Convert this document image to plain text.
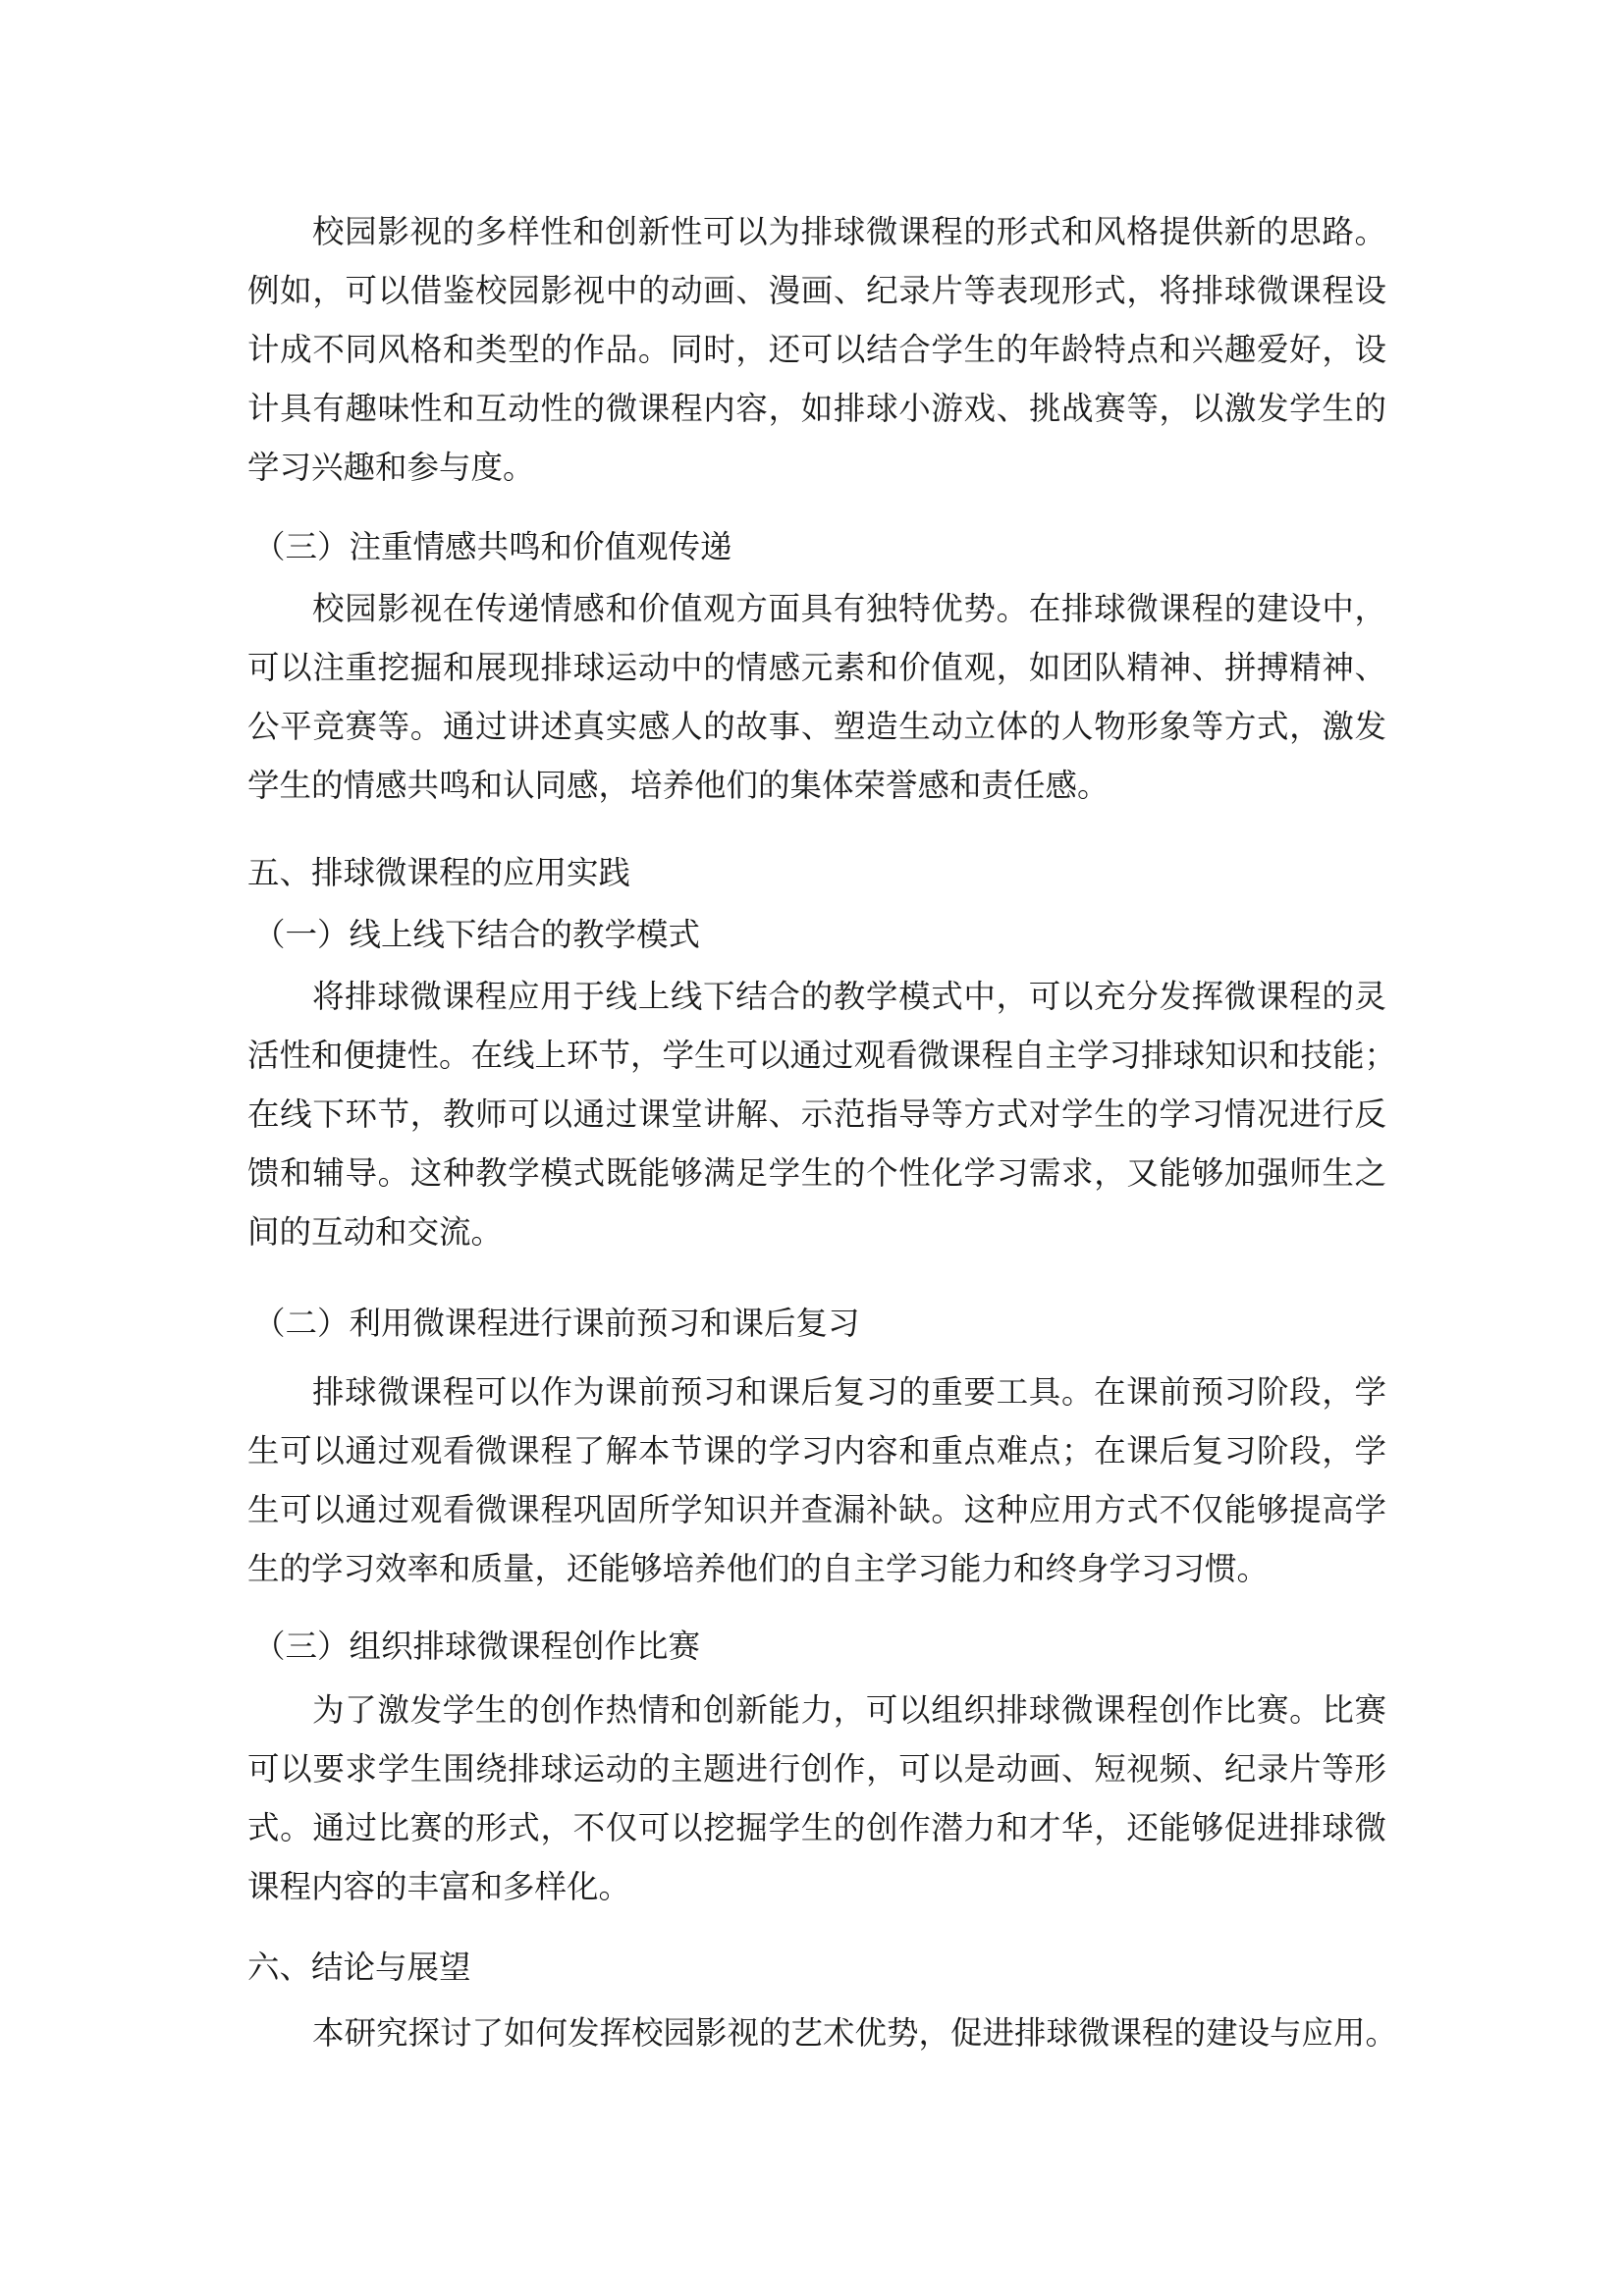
校园影视的多样性和创新性可以为排球微课程的形式和风格提供新的思路。

例如，可以借鉴校园影视中的动画、漫画、纪录片等表现形式，将排球微课程设

计成不同风格和类型的作品。同时，还可以结合学生的年龄特点和兴趣爱好，设

计具有趣味性和互动性的微课程内容，如排球小游戏、挑战赛等，以激发学生的

学习兴趣和参与度。

（三）注重情感共鸣和价值观传递

校园影视在传递情感和价值观方面具有独特优势。在排球微课程的建设中，

可以注重挖掘和展现排球运动中的情感元素和价值观，如团队精神、拼搏精神、

公平竞赛等。通过讲述真实感人的故事、塑造生动立体的人物形象等方式，激发

学生的情感共鸣和认同感，培养他们的集体荣誉感和责任感。

五、排球微课程的应用实践

（一）线上线下结合的教学模式

将排球微课程应用于线上线下结合的教学模式中，可以充分发挥微课程的灵

活性和便捷性。在线上环节，学生可以通过观看微课程自主学习排球知识和技能；

在线下环节，教师可以通过课堂讲解、示范指导等方式对学生的学习情况进行反

馈和辅导。这种教学模式既能够满足学生的个性化学习需求，又能够加强师生之

间的互动和交流。

（二）利用微课程进行课前预习和课后复习

排球微课程可以作为课前预习和课后复习的重要工具。在课前预习阶段，学

生可以通过观看微课程了解本节课的学习内容和重点难点；在课后复习阶段，学

生可以通过观看微课程巩固所学知识并查漏补缺。这种应用方式不仅能够提高学

生的学习效率和质量，还能够培养他们的自主学习能力和终身学习习惯。

（三）组织排球微课程创作比赛

为了激发学生的创作热情和创新能力，可以组织排球微课程创作比赛。比赛

可以要求学生围绕排球运动的主题进行创作，可以是动画、短视频、纪录片等形

式。通过比赛的形式，不仅可以挖掘学生的创作潜力和才华，还能够促进排球微

课程内容的丰富和多样化。

六、结论与展望

本研究探讨了如何发挥校园影视的艺术优势，促进排球微课程的建设与应用。
